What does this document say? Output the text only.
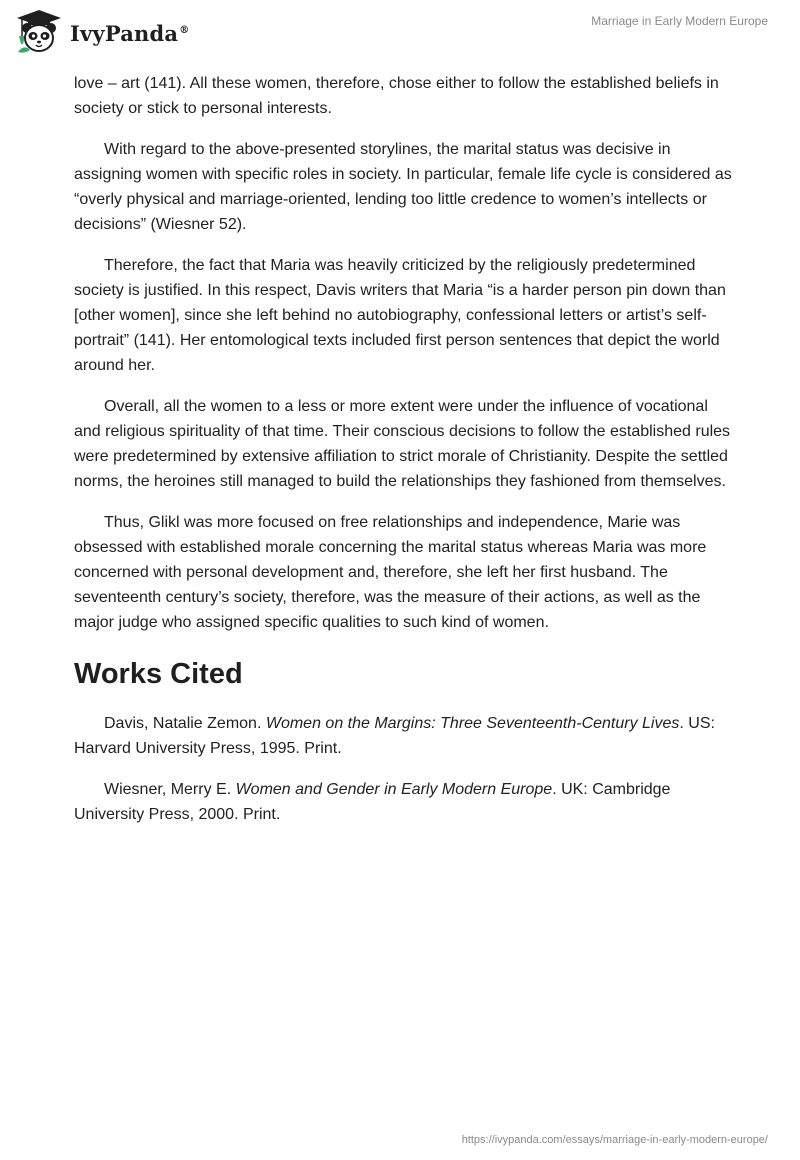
IvyPanda®
Marriage in Early Modern Europe

love – art (141). All these women, therefore, chose either to follow the established beliefs in society or stick to personal interests.

With regard to the above-presented storylines, the marital status was decisive in assigning women with specific roles in society. In particular, female life cycle is considered as “overly physical and marriage-oriented, lending too little credence to women’s intellects or decisions” (Wiesner 52).

Therefore, the fact that Maria was heavily criticized by the religiously predetermined society is justified. In this respect, Davis writers that Maria “is a harder person pin down than [other women], since she left behind no autobiography, confessional letters or artist’s self-portrait” (141). Her entomological texts included first person sentences that depict the world around her.

Overall, all the women to a less or more extent were under the influence of vocational and religious spirituality of that time. Their conscious decisions to follow the established rules were predetermined by extensive affiliation to strict morale of Christianity. Despite the settled norms, the heroines still managed to build the relationships they fashioned from themselves.

Thus, Glikl was more focused on free relationships and independence, Marie was obsessed with established morale concerning the marital status whereas Maria was more concerned with personal development and, therefore, she left her first husband. The seventeenth century’s society, therefore, was the measure of their actions, as well as the major judge who assigned specific qualities to such kind of women.

Works Cited

Davis, Natalie Zemon. Women on the Margins: Three Seventeenth-Century Lives. US: Harvard University Press, 1995. Print.

Wiesner, Merry E. Women and Gender in Early Modern Europe. UK: Cambridge University Press, 2000. Print.

https://ivypanda.com/essays/marriage-in-early-modern-europe/
